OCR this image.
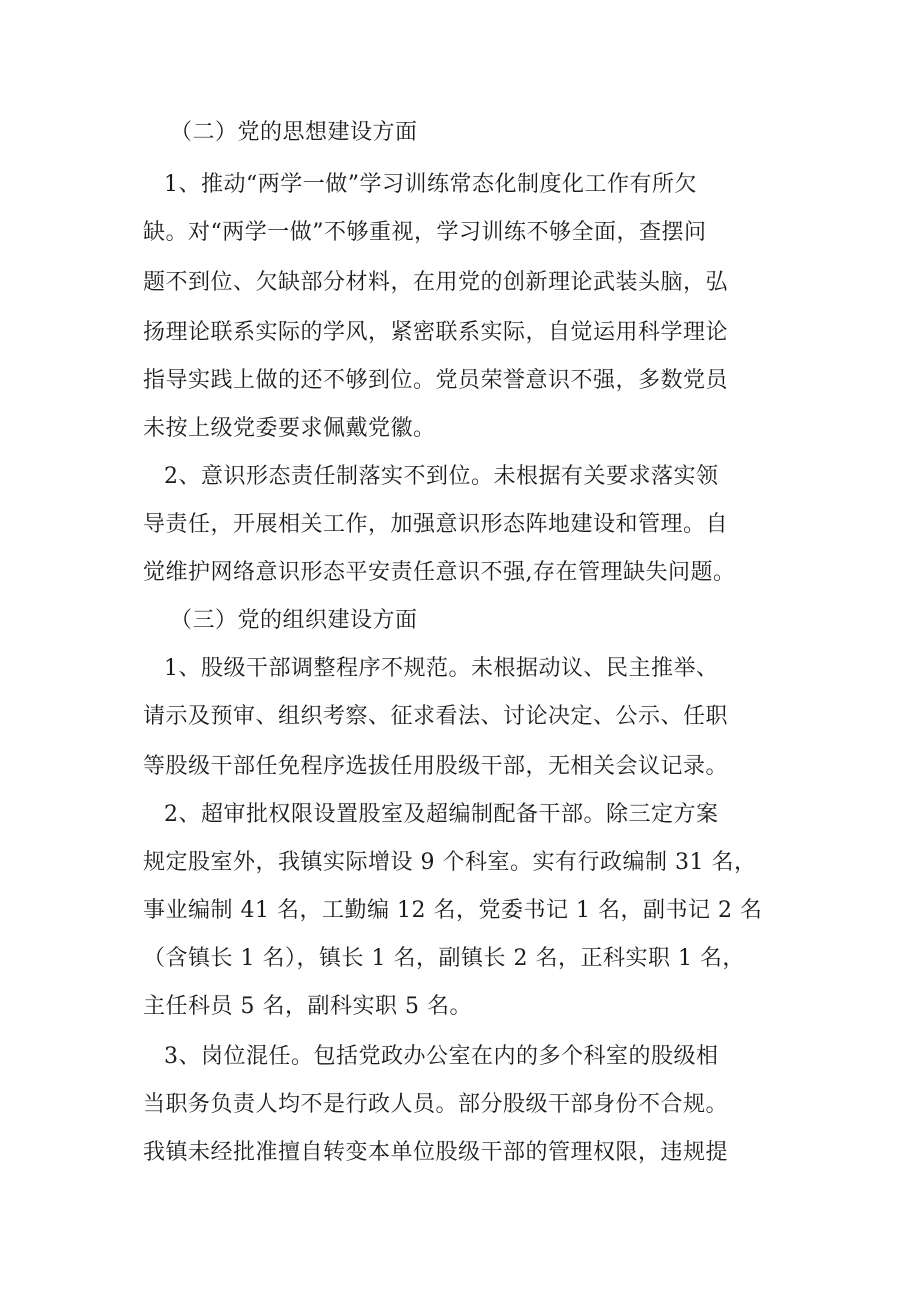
（二）党的思想建设方面
1、推动“两学一做”学习训练常态化制度化工作有所欠
缺。对“两学一做”不够重视，学习训练不够全面，查摆问
题不到位、欠缺部分材料，在用党的创新理论武装头脑，弘
扬理论联系实际的学风，紧密联系实际，自觉运用科学理论
指导实践上做的还不够到位。党员荣誉意识不强，多数党员
未按上级党委要求佩戴党徽。
2、意识形态责任制落实不到位。未根据有关要求落实领
导责任，开展相关工作，加强意识形态阵地建设和管理。自
觉维护网络意识形态平安责任意识不强,存在管理缺失问题。
（三）党的组织建设方面
1、股级干部调整程序不规范。未根据动议、民主推举、
请示及预审、组织考察、征求看法、讨论决定、公示、任职
等股级干部任免程序选拔任用股级干部，无相关会议记录。
2、超审批权限设置股室及超编制配备干部。除三定方案
规定股室外，我镇实际增设 9 个科室。实有行政编制 31 名，
事业编制 41 名，工勤编 12 名，党委书记 1 名，副书记 2 名
（含镇长 1 名），镇长 1 名，副镇长 2 名，正科实职 1 名，
主任科员 5 名，副科实职 5 名。
3、岗位混任。包括党政办公室在内的多个科室的股级相
当职务负责人均不是行政人员。部分股级干部身份不合规。
我镇未经批准擅自转变本单位股级干部的管理权限，违规提
